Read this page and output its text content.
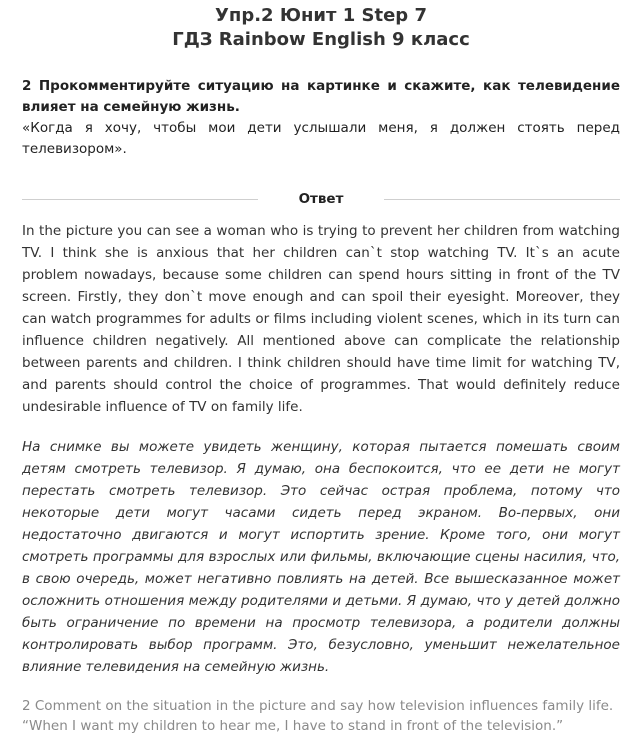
Упр.2 Юнит 1 Step 7
ГДЗ Rainbow English 9 класс
2 Прокомментируйте ситуацию на картинке и скажите, как телевидение влияет на семейную жизнь.
«Когда я хочу, чтобы мои дети услышали меня, я должен стоять перед телевизором».
Ответ

In the picture you can see a woman who is trying to prevent her children from watching TV. I think she is anxious that her children can`t stop watching TV. It`s an acute problem nowadays, because some children can spend hours sitting in front of the TV screen. Firstly, they don`t move enough and can spoil their eyesight. Moreover, they can watch programmes for adults or films including violent scenes, which in its turn can influence children negatively. All mentioned above can complicate the relationship between parents and children. I think children should have time limit for watching TV, and parents should control the choice of programmes. That would definitely reduce undesirable influence of TV on family life.

На снимке вы можете увидеть женщину, которая пытается помешать своим детям смотреть телевизор. Я думаю, она беспокоится, что ее дети не могут перестать смотреть телевизор. Это сейчас острая проблема, потому что некоторые дети могут часами сидеть перед экраном. Во-первых, они недостаточно двигаются и могут испортить зрение. Кроме того, они могут смотреть программы для взрослых или фильмы, включающие сцены насилия, что, в свою очередь, может негативно повлиять на детей. Все вышесказанное может осложнить отношения между родителями и детьми. Я думаю, что у детей должно быть ограничение по времени на просмотр телевизора, а родители должны контролировать выбор программ. Это, безусловно, уменьшит нежелательное влияние телевидения на семейную жизнь.

2 Comment on the situation in the picture and say how television influences family life.
“When I want my children to hear me, I have to stand in front of the television.”
